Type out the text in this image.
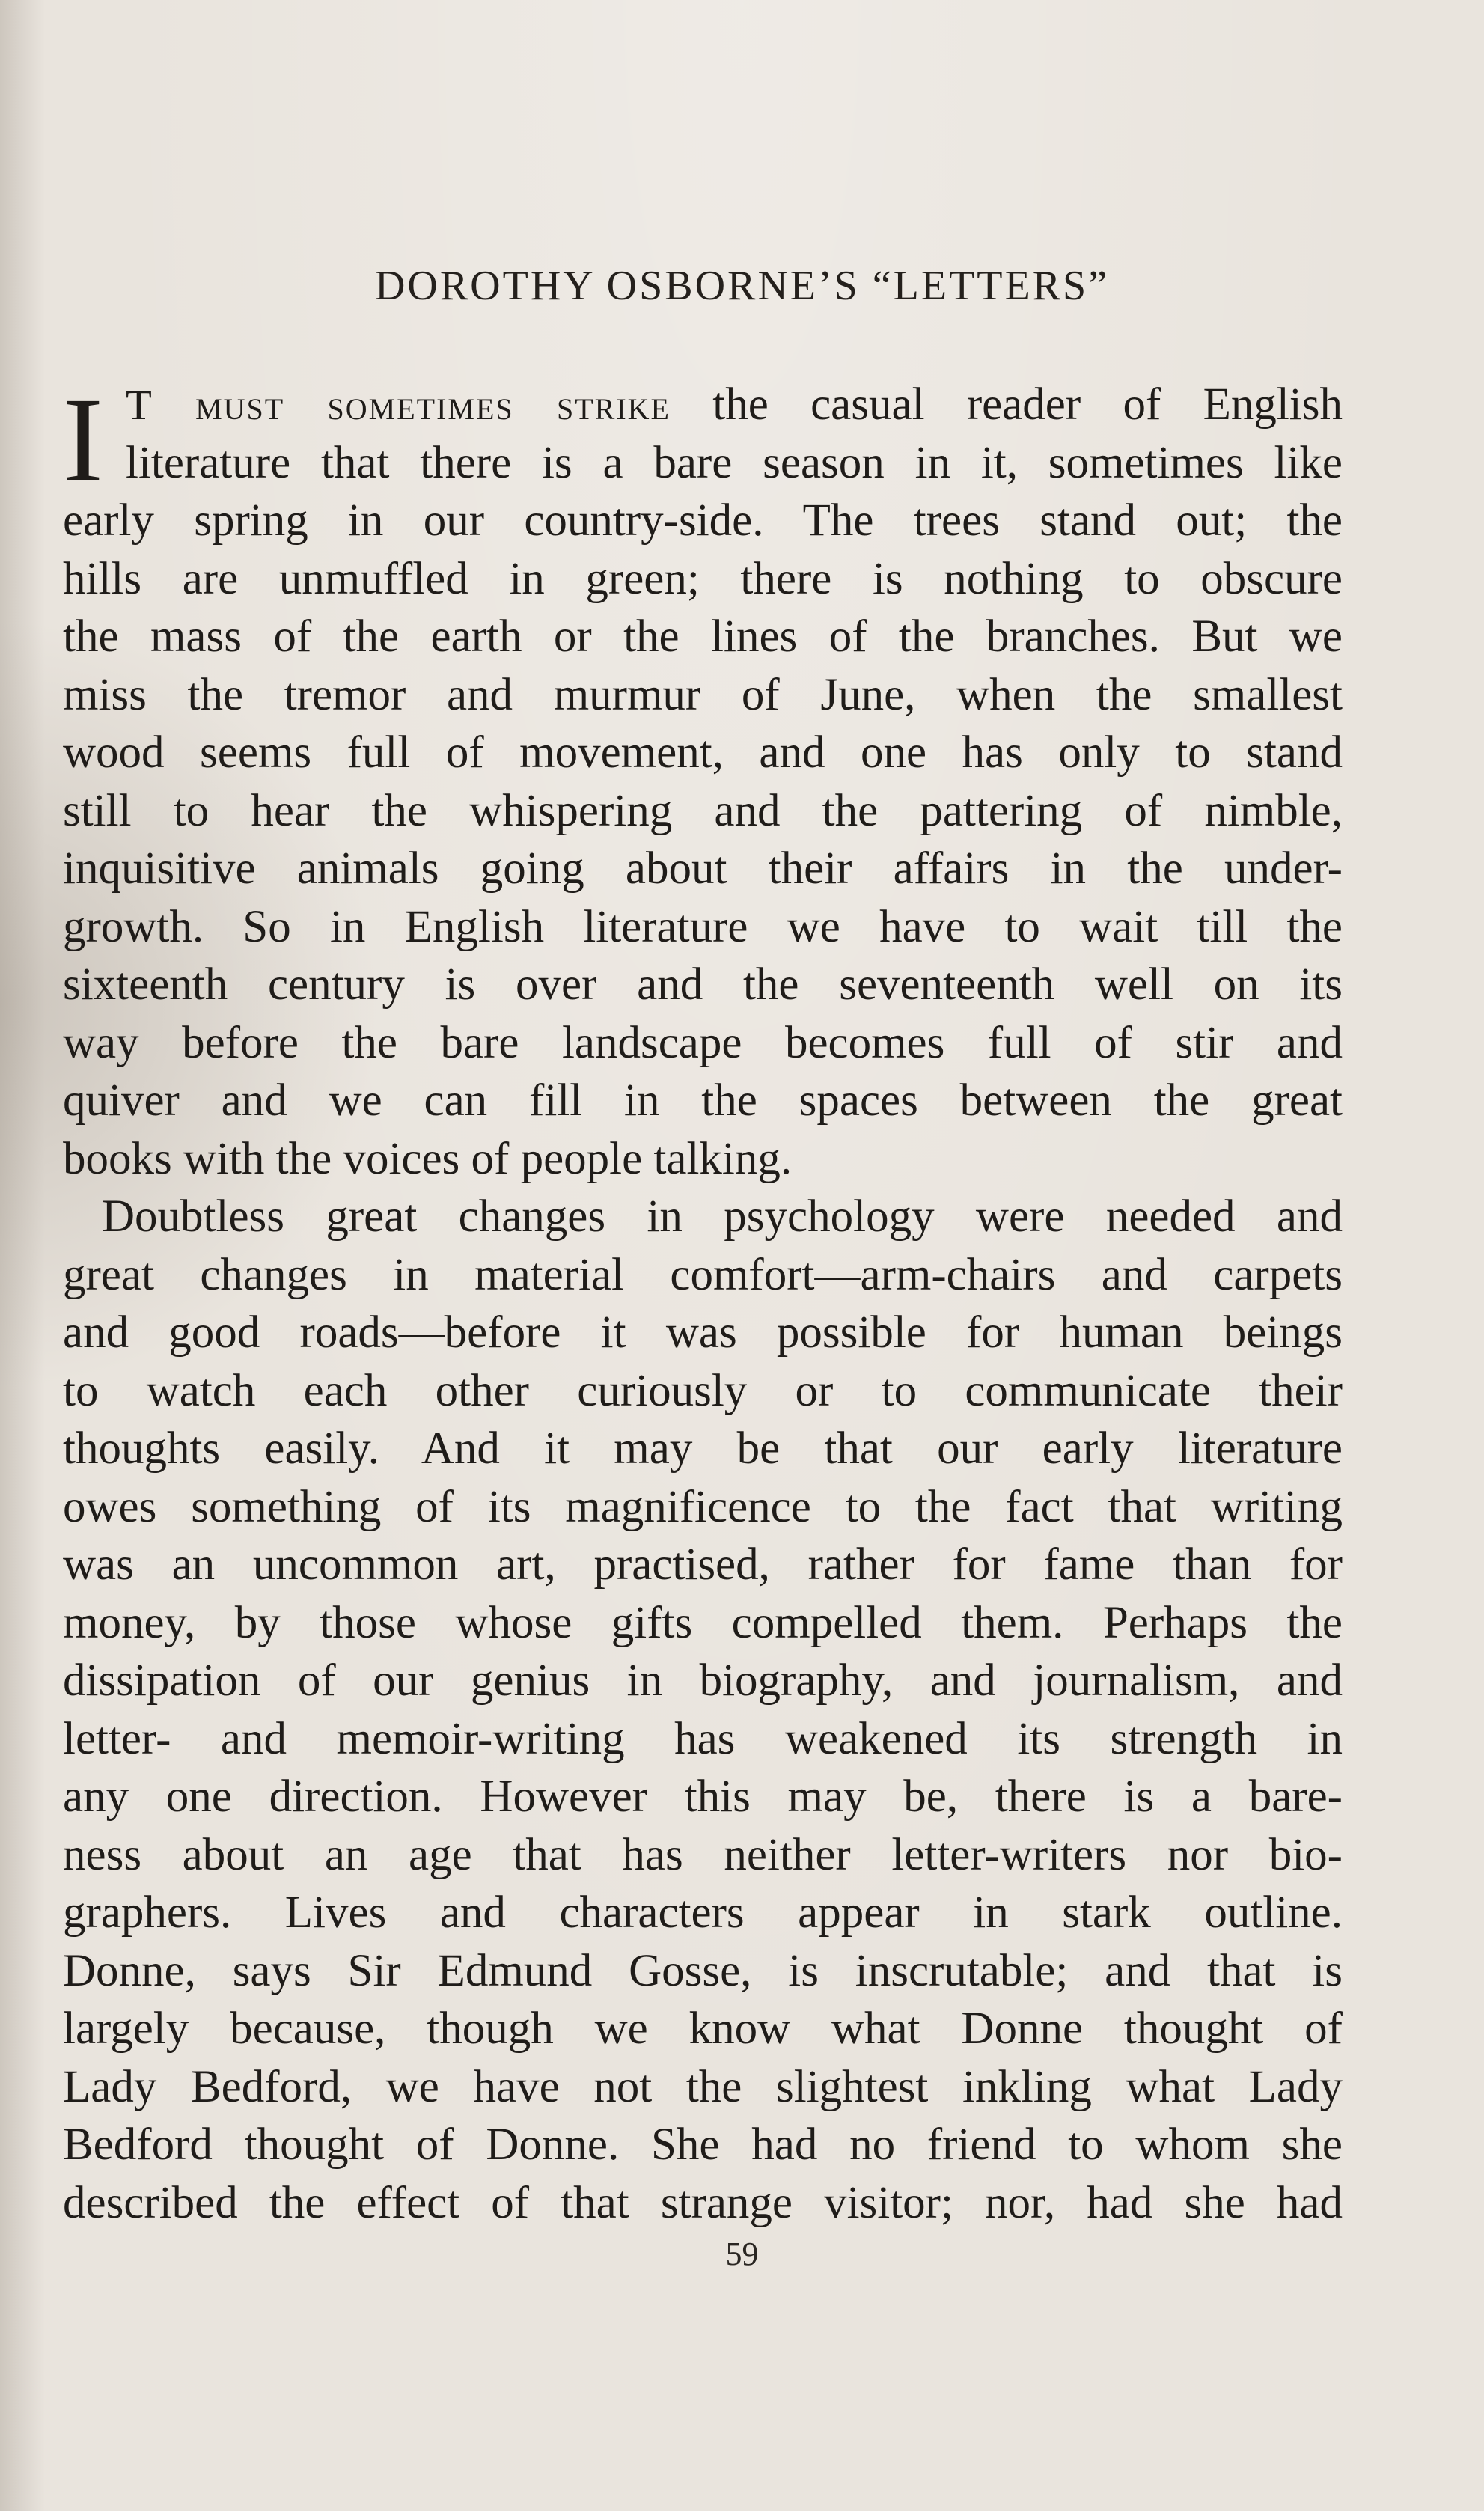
DOROTHY OSBORNE’S “LETTERS”
I T must sometimes strike the casual reader of English
literature that there is a bare season in it, sometimes like
early spring in our country-side. The trees stand out; the
hills are unmuffled in green; there is nothing to obscure
the mass of the earth or the lines of the branches. But we
miss the tremor and murmur of June, when the smallest
wood seems full of movement, and one has only to stand
still to hear the whispering and the pattering of nimble,
inquisitive animals going about their affairs in the under-
growth. So in English literature we have to wait till the
sixteenth century is over and the seventeenth well on its
way before the bare landscape becomes full of stir and
quiver and we can fill in the spaces between the great
books with the voices of people talking.
Doubtless great changes in psychology were needed and
great changes in material comfort—arm-chairs and carpets
and good roads—before it was possible for human beings
to watch each other curiously or to communicate their
thoughts easily. And it may be that our early literature
owes something of its magnificence to the fact that writing
was an uncommon art, practised, rather for fame than for
money, by those whose gifts compelled them. Perhaps the
dissipation of our genius in biography, and journalism, and
letter- and memoir-writing has weakened its strength in
any one direction. However this may be, there is a bare-
ness about an age that has neither letter-writers nor bio-
graphers. Lives and characters appear in stark outline.
Donne, says Sir Edmund Gosse, is inscrutable; and that is
largely because, though we know what Donne thought of
Lady Bedford, we have not the slightest inkling what Lady
Bedford thought of Donne. She had no friend to whom she
described the effect of that strange visitor; nor, had she had
59
